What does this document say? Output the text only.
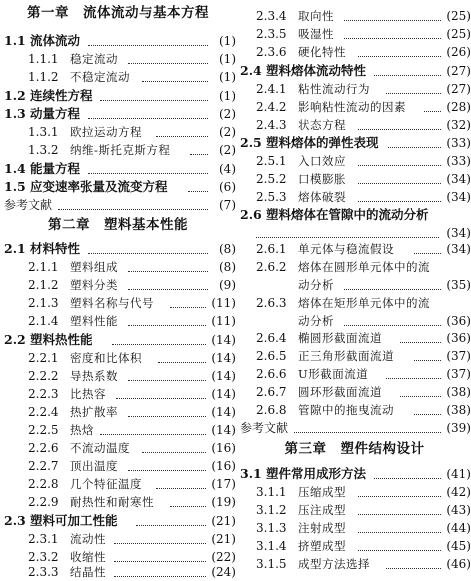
第一章　流体流动与基本方程
1.1 流体流动	(1)
1.1.1 稳定流动	(1)
1.1.2 不稳定流动	(1)
1.2 连续性方程	(1)
1.3 动量方程	(2)
1.3.1 欧拉运动方程	(2)
1.3.2 纳维-斯托克斯方程	(2)
1.4 能量方程	(4)
1.5 应变速率张量及流变方程	(6)
参考文献	(7)
第二章　塑料基本性能
2.1 材料特性	(8)
2.1.1 塑料组成	(8)
2.1.2 塑料分类	(9)
2.1.3 塑料名称与代号	(11)
2.1.4 塑料性能	(11)
2.2 塑料热性能	(14)
2.2.1 密度和比体积	(14)
2.2.2 导热系数	(14)
2.2.3 比热容	(14)
2.2.4 热扩散率	(14)
2.2.5 热焓	(14)
2.2.6 不流动温度	(16)
2.2.7 顶出温度	(16)
2.2.8 几个特征温度	(17)
2.2.9 耐热性和耐寒性	(19)
2.3 塑料可加工性能	(21)
2.3.1 流动性	(21)
2.3.2 收缩性	(22)
2.3.3 结晶性	(24)
2.3.4 取向性	(25)
2.3.5 吸湿性	(25)
2.3.6 硬化特性	(26)
2.4 塑料熔体流动特性	(27)
2.4.1 粘性流动行为	(27)
2.4.2 影响粘性流动的因素	(28)
2.4.3 状态方程	(32)
2.5 塑料熔体的弹性表现	(33)
2.5.1 入口效应	(33)
2.5.2 口模膨胀	(34)
2.5.3 熔体破裂	(34)
2.6 塑料熔体在管隙中的流动分析
(34)
2.6.1 单元体与稳流假设	(34)
2.6.2 熔体在圆形单元体中的流
动分析	(35)
2.6.3 熔体在矩形单元体中的流
动分析	(36)
2.6.4 椭圆形截面流道	(36)
2.6.5 正三角形截面流道	(37)
2.6.6 U形截面流道	(37)
2.6.7 圆环形截面流道	(38)
2.6.8 管隙中的拖曳流动	(38)
参考文献	(39)
第三章　塑件结构设计
3.1 塑件常用成形方法	(41)
3.1.1 压缩成型	(42)
3.1.2 压注成型	(43)
3.1.3 注射成型	(44)
3.1.4 挤塑成型	(45)
3.1.5 成型方法选择	(46)
